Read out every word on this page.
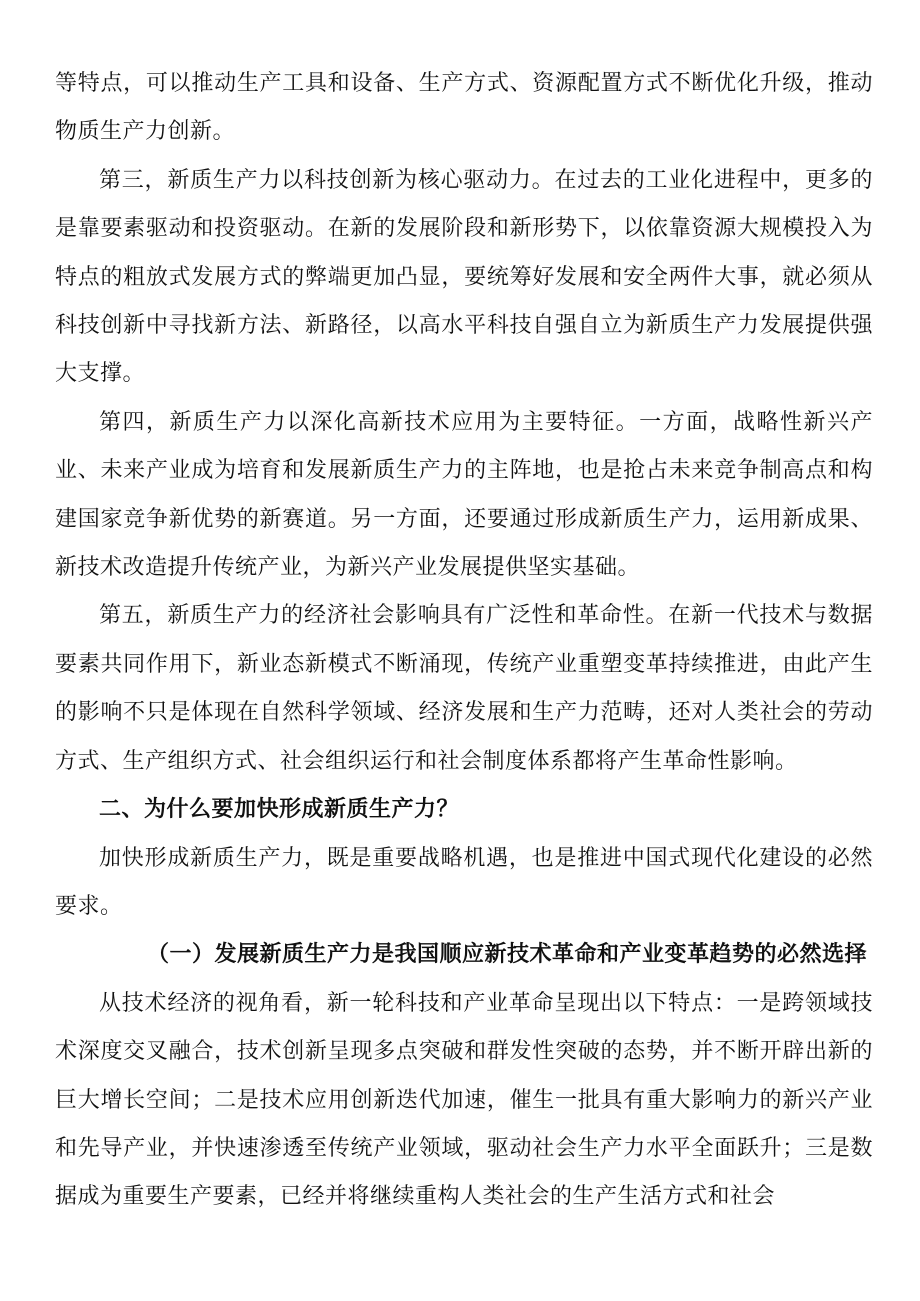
等特点，可以推动生产工具和设备、生产方式、资源配置方式不断优化升级，推动物质生产力创新。

第三，新质生产力以科技创新为核心驱动力。在过去的工业化进程中，更多的是靠要素驱动和投资驱动。在新的发展阶段和新形势下，以依靠资源大规模投入为特点的粗放式发展方式的弊端更加凸显，要统筹好发展和安全两件大事，就必须从科技创新中寻找新方法、新路径，以高水平科技自强自立为新质生产力发展提供强大支撑。

第四，新质生产力以深化高新技术应用为主要特征。一方面，战略性新兴产业、未来产业成为培育和发展新质生产力的主阵地，也是抢占未来竞争制高点和构建国家竞争新优势的新赛道。另一方面，还要通过形成新质生产力，运用新成果、新技术改造提升传统产业，为新兴产业发展提供坚实基础。

第五，新质生产力的经济社会影响具有广泛性和革命性。在新一代技术与数据要素共同作用下，新业态新模式不断涌现，传统产业重塑变革持续推进，由此产生的影响不只是体现在自然科学领域、经济发展和生产力范畴，还对人类社会的劳动方式、生产组织方式、社会组织运行和社会制度体系都将产生革命性影响。

二、为什么要加快形成新质生产力？

加快形成新质生产力，既是重要战略机遇，也是推进中国式现代化建设的必然要求。

（一）发展新质生产力是我国顺应新技术革命和产业变革趋势的必然选择

从技术经济的视角看，新一轮科技和产业革命呈现出以下特点：一是跨领域技术深度交叉融合，技术创新呈现多点突破和群发性突破的态势，并不断开辟出新的巨大增长空间；二是技术应用创新迭代加速，催生一批具有重大影响力的新兴产业和先导产业，并快速渗透至传统产业领域，驱动社会生产力水平全面跃升；三是数据成为重要生产要素，已经并将继续重构人类社会的生产生活方式和社会
